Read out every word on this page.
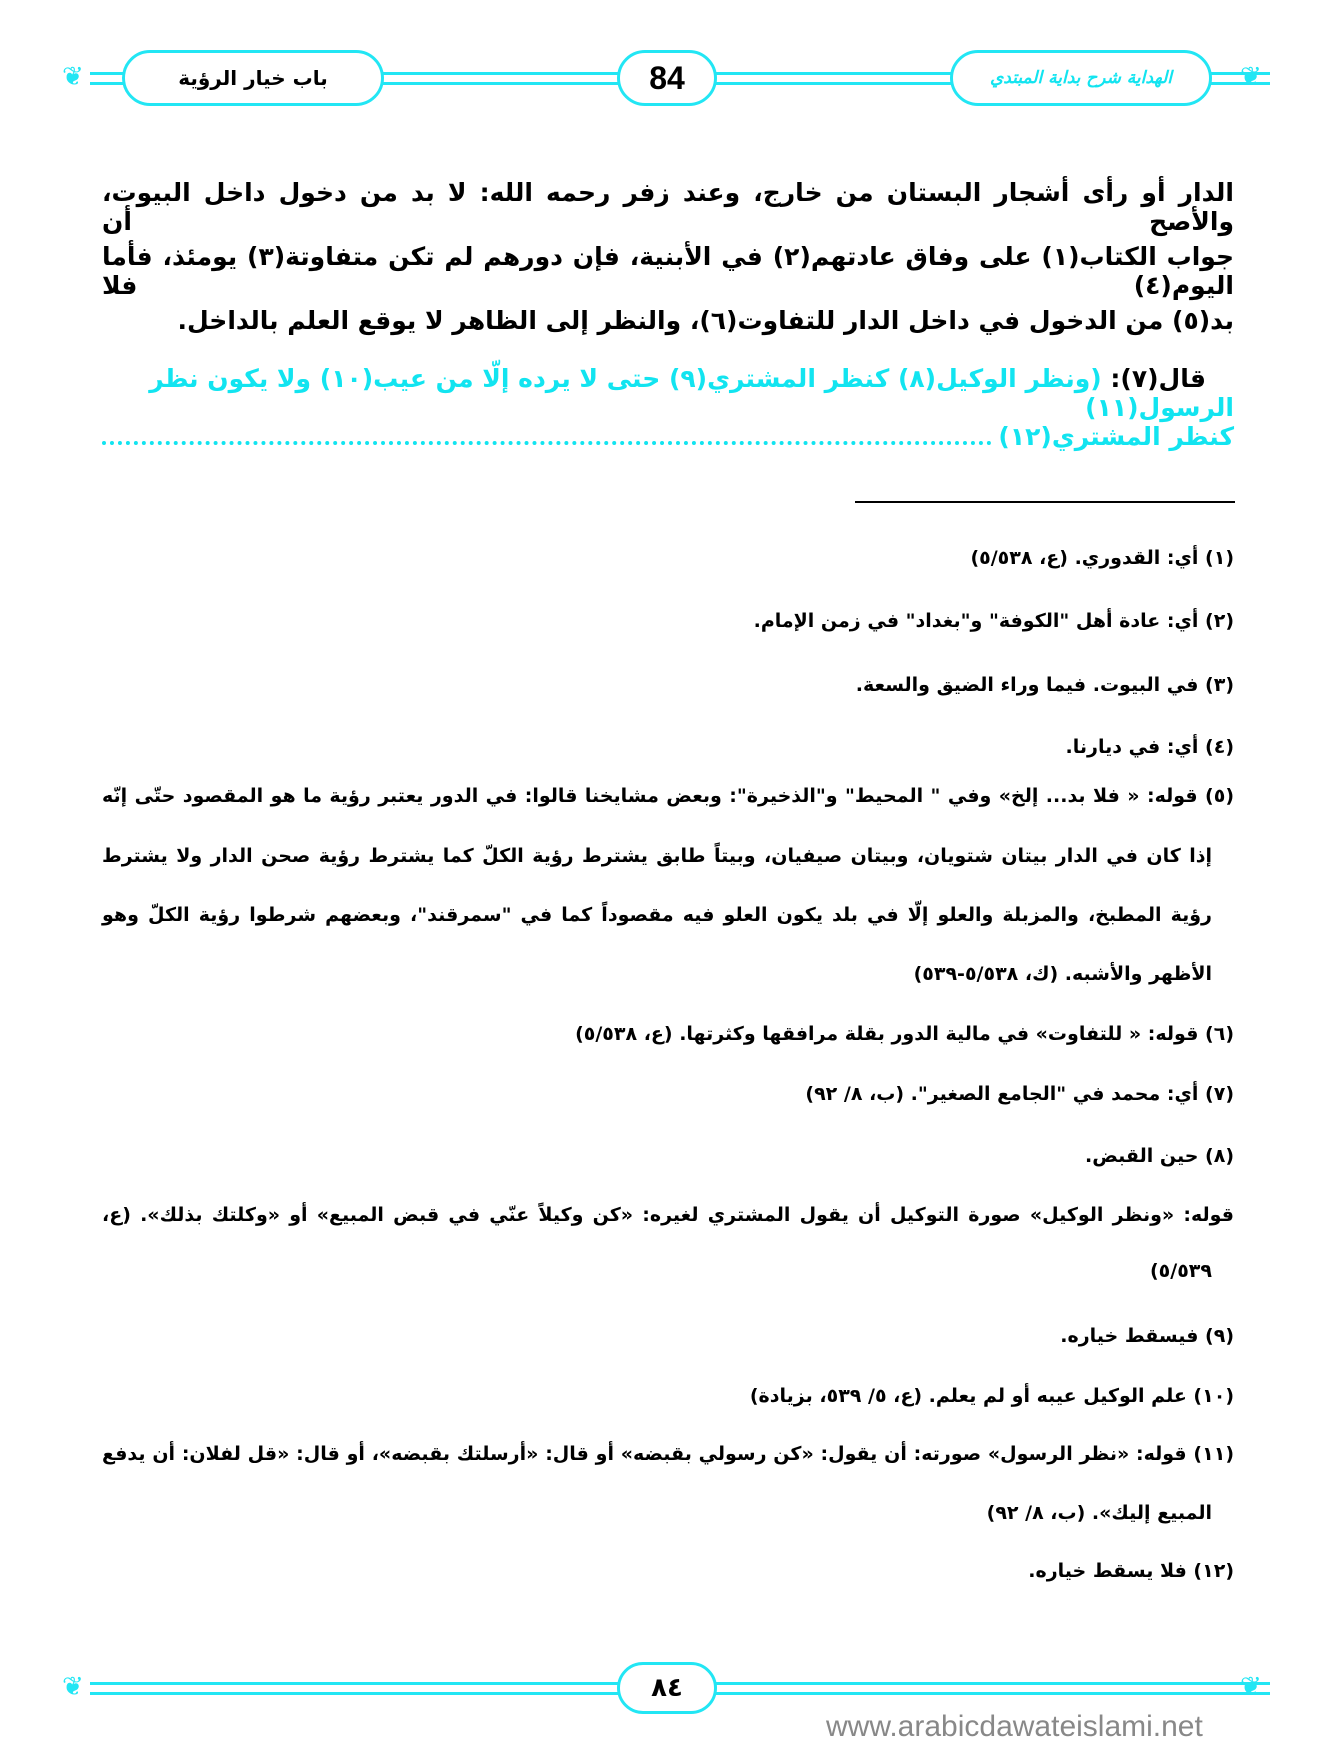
❦	❦
باب خيار الرؤية	84	الهداية شرح بداية المبتدي
الدار أو رأى أشجار البستان من خارج، وعند زفر رحمه الله: لا بد من دخول داخل البيوت، والأصح أن
جواب الكتاب(١) على وفاق عادتهم(٢) في الأبنية، فإن دورهم لم تكن متفاوتة(٣) يومئذ، فأما اليوم(٤) فلا
بد(٥) من الدخول في داخل الدار للتفاوت(٦)، والنظر إلى الظاهر لا يوقع العلم بالداخل.
قال(٧): (ونظر الوكيل(٨) كنظر المشتري(٩) حتى لا يرده إلّا من عيب(١٠) ولا يكون نظر الرسول(١١)
كنظر المشتري(١٢)
(١) أي: القدوري. (ع، ٥/٥٣٨)
(٢) أي: عادة أهل "الكوفة" و"بغداد" في زمن الإمام.
(٣) في البيوت. فيما وراء الضيق والسعة.
(٤) أي: في ديارنا.
(٥) قوله: « فلا بد... إلخ» وفي " المحيط" و"الذخيرة": وبعض مشايخنا قالوا: في الدور يعتبر رؤية ما هو المقصود حتّى إنّه
إذا كان في الدار بيتان شتويان، وبيتان صيفيان، وبيتاً طابق يشترط رؤية الكلّ كما يشترط رؤية صحن الدار ولا يشترط
رؤية المطبخ، والمزبلة والعلو إلّا في بلد يكون العلو فيه مقصوداً كما في "سمرقند"، وبعضهم شرطوا رؤية الكلّ وهو
الأظهر والأشبه. (ك، ٥/٥٣٨-٥٣٩)
(٦) قوله: « للتفاوت» في مالية الدور بقلة مرافقها وكثرتها. (ع، ٥/٥٣٨)
(٧) أي: محمد في "الجامع الصغير". (ب، ٨/ ٩٢)
(٨) حين القبض.
قوله: «ونظر الوكيل» صورة التوكيل أن يقول المشتري لغيره: «كن وكيلاً عنّي في قبض المبيع» أو «وكلتك بذلك». (ع،
٥/٥٣٩)
(٩) فيسقط خياره.
(١٠) علم الوكيل عيبه أو لم يعلم. (ع، ٥/ ٥٣٩، بزيادة)
(١١) قوله: «نظر الرسول» صورته: أن يقول: «كن رسولي بقبضه» أو قال: «أرسلتك بقبضه»، أو قال: «قل لفلان: أن يدفع
المبيع إليك». (ب، ٨/ ٩٢)
(١٢) فلا يسقط خياره.
❦	❦
٨٤
www.arabicdawateislami.net
